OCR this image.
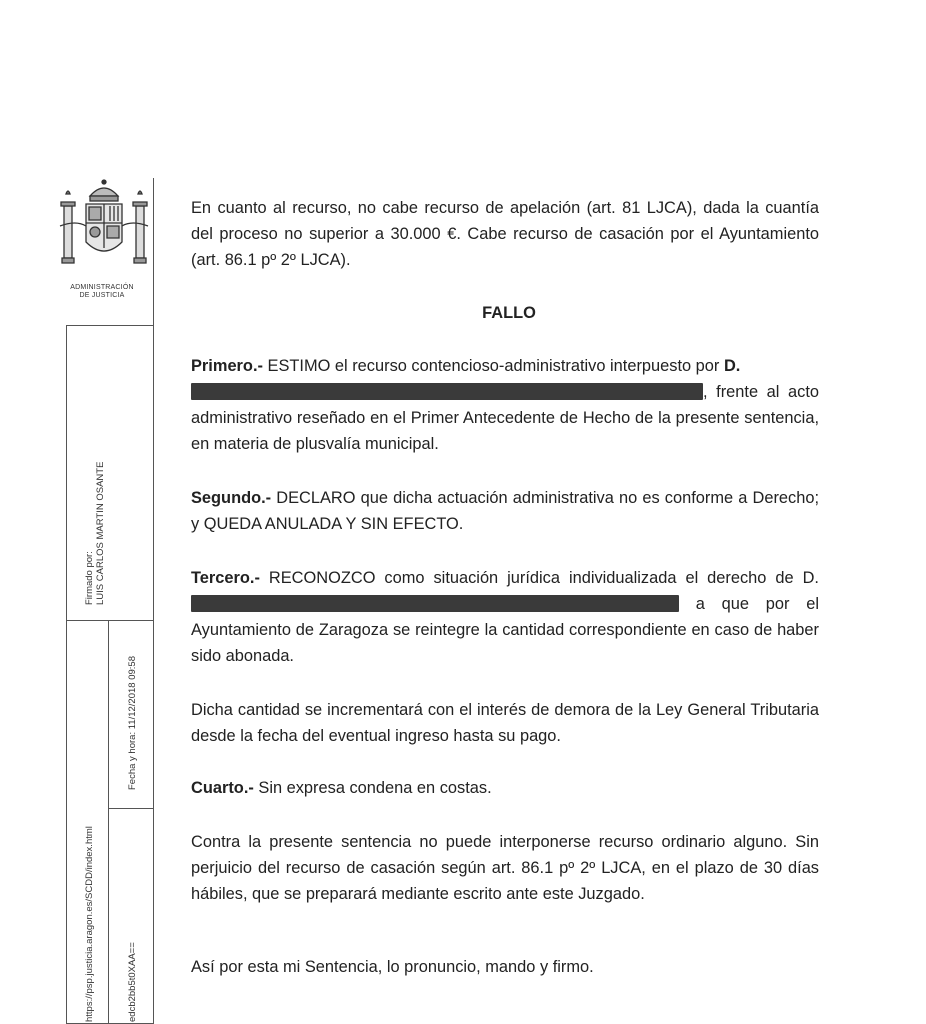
ADMINISTRACIÓN
DE JUSTICIA
Firmado por: LUIS CARLOS MARTIN OSANTE
Fecha y hora: 11/12/2018 09:58
https://psp.justicia.aragon.es/SCDD/index.html	edcb2bb5t0XAA==
En cuanto al recurso, no cabe recurso de apelación (art. 81 LJCA), dada la cuantía del proceso no superior a 30.000 €. Cabe recurso de casación por el Ayuntamiento (art. 86.1 pº 2º LJCA).
FALLO
Primero.- ESTIMO el recurso contencioso-administrativo interpuesto por D.
, frente al acto administrativo reseñado en el Primer Antecedente de Hecho de la presente sentencia, en materia de plusvalía municipal.
Segundo.- DECLARO que dicha actuación administrativa no es conforme a Derecho; y QUEDA ANULADA Y SIN EFECTO.
Tercero.- RECONOZCO como situación jurídica individualizada el derecho de D.  a que por el Ayuntamiento de Zaragoza se reintegre la cantidad correspondiente en caso de haber sido abonada.
Dicha cantidad se incrementará con el interés de demora de la Ley General Tributaria desde la fecha del eventual ingreso hasta su pago.
Cuarto.- Sin expresa condena en costas.
Contra la presente sentencia no puede interponerse recurso ordinario alguno. Sin perjuicio del recurso de casación según art. 86.1 pº 2º LJCA, en el plazo de 30 días hábiles, que se preparará mediante escrito ante este Juzgado.
Así por esta mi Sentencia, lo pronuncio, mando y firmo.
